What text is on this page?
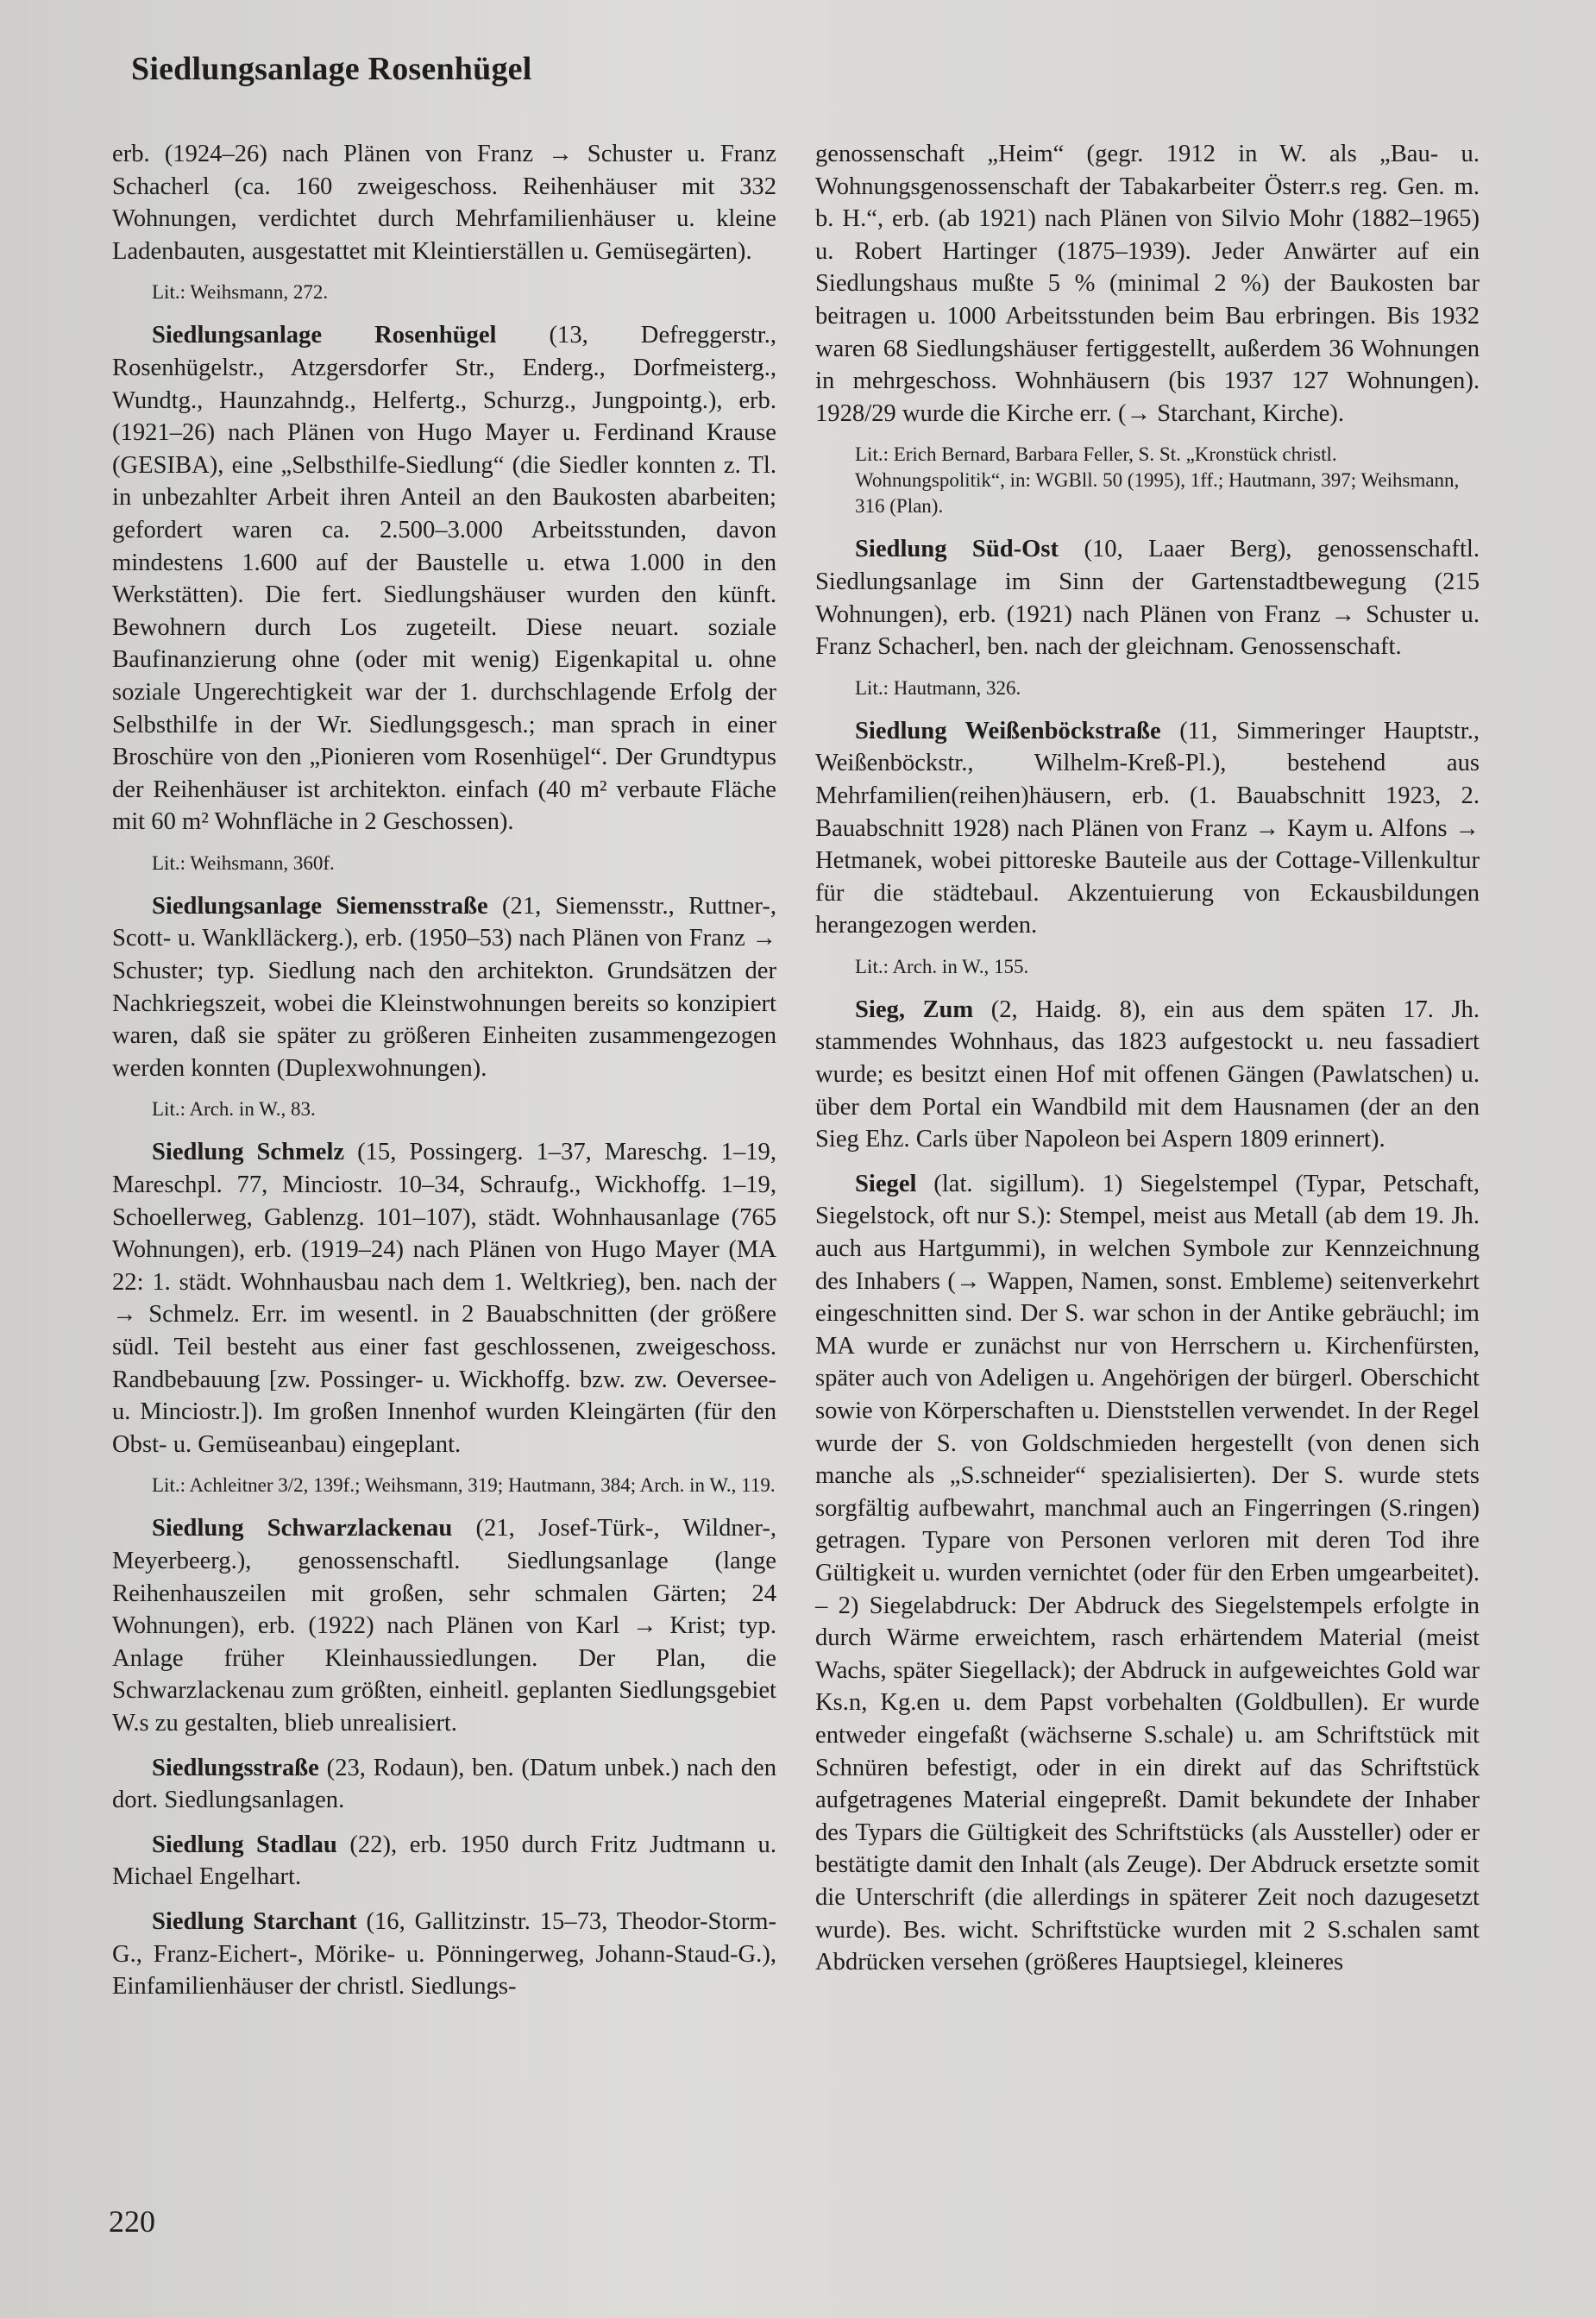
Siedlungsanlage Rosenhügel
erb. (1924–26) nach Plänen von Franz → Schuster u. Franz Schacherl (ca. 160 zweigeschoss. Reihenhäuser mit 332 Wohnungen, verdichtet durch Mehrfamilienhäuser u. kleine Ladenbauten, ausgestattet mit Kleintierställen u. Gemüsegärten).
Lit.: Weihsmann, 272.
Siedlungsanlage Rosenhügel (13, Defreggerstr., Rosenhügelstr., Atzgersdorfer Str., Enderg., Dorfmeisterg., Wundtg., Haunzahndg., Helfertg., Schurzg., Jungpointg.), erb. (1921–26) nach Plänen von Hugo Mayer u. Ferdinand Krause (GESIBA), eine „Selbsthilfe-Siedlung“ (die Siedler konnten z. Tl. in unbezahlter Arbeit ihren Anteil an den Baukosten abarbeiten; gefordert waren ca. 2.500–3.000 Arbeitsstunden, davon mindestens 1.600 auf der Baustelle u. etwa 1.000 in den Werkstätten). Die fert. Siedlungshäuser wurden den künft. Bewohnern durch Los zugeteilt. Diese neuart. soziale Baufinanzierung ohne (oder mit wenig) Eigenkapital u. ohne soziale Ungerechtigkeit war der 1. durchschlagende Erfolg der Selbsthilfe in der Wr. Siedlungsgesch.; man sprach in einer Broschüre von den „Pionieren vom Rosenhügel“. Der Grundtypus der Reihenhäuser ist architekton. einfach (40 m² verbaute Fläche mit 60 m² Wohnfläche in 2 Geschossen).
Lit.: Weihsmann, 360f.
Siedlungsanlage Siemensstraße (21, Siemensstr., Ruttner-, Scott- u. Wanklläckerg.), erb. (1950–53) nach Plänen von Franz → Schuster; typ. Siedlung nach den architekton. Grundsätzen der Nachkriegszeit, wobei die Kleinstwohnungen bereits so konzipiert waren, daß sie später zu größeren Einheiten zusammengezogen werden konnten (Duplexwohnungen).
Lit.: Arch. in W., 83.
Siedlung Schmelz (15, Possingerg. 1–37, Mareschg. 1–19, Mareschpl. 77, Minciostr. 10–34, Schraufg., Wickhoffg. 1–19, Schoellerweg, Gablenzg. 101–107), städt. Wohnhausanlage (765 Wohnungen), erb. (1919–24) nach Plänen von Hugo Mayer (MA 22: 1. städt. Wohnhausbau nach dem 1. Weltkrieg), ben. nach der → Schmelz. Err. im wesentl. in 2 Bauabschnitten (der größere südl. Teil besteht aus einer fast geschlossenen, zweigeschoss. Randbebauung [zw. Possinger- u. Wickhoffg. bzw. zw. Oeversee- u. Minciostr.]). Im großen Innenhof wurden Kleingärten (für den Obst- u. Gemüseanbau) eingeplant.
Lit.: Achleitner 3/2, 139f.; Weihsmann, 319; Hautmann, 384; Arch. in W., 119.
Siedlung Schwarzlackenau (21, Josef-Türk-, Wildner-, Meyerbeerg.), genossenschaftl. Siedlungsanlage (lange Reihenhauszeilen mit großen, sehr schmalen Gärten; 24 Wohnungen), erb. (1922) nach Plänen von Karl → Krist; typ. Anlage früher Kleinhaussiedlungen. Der Plan, die Schwarzlackenau zum größten, einheitl. geplanten Siedlungsgebiet W.s zu gestalten, blieb unrealisiert.
Siedlungsstraße (23, Rodaun), ben. (Datum unbek.) nach den dort. Siedlungsanlagen.
Siedlung Stadlau (22), erb. 1950 durch Fritz Judtmann u. Michael Engelhart.
Siedlung Starchant (16, Gallitzinstr. 15–73, Theodor-Storm-G., Franz-Eichert-, Mörike- u. Pönningerweg, Johann-Staud-G.), Einfamilienhäuser der christl. Siedlungs-
genossenschaft „Heim“ (gegr. 1912 in W. als „Bau- u. Wohnungsgenossenschaft der Tabakarbeiter Österr.s reg. Gen. m. b. H.“, erb. (ab 1921) nach Plänen von Silvio Mohr (1882–1965) u. Robert Hartinger (1875–1939). Jeder Anwärter auf ein Siedlungshaus mußte 5 % (minimal 2 %) der Baukosten bar beitragen u. 1000 Arbeitsstunden beim Bau erbringen. Bis 1932 waren 68 Siedlungshäuser fertiggestellt, außerdem 36 Wohnungen in mehrgeschoss. Wohnhäusern (bis 1937 127 Wohnungen). 1928/29 wurde die Kirche err. (→ Starchant, Kirche).
Lit.: Erich Bernard, Barbara Feller, S. St. „Kronstück christl. Wohnungspolitik“, in: WGBll. 50 (1995), 1ff.; Hautmann, 397; Weihsmann, 316 (Plan).
Siedlung Süd-Ost (10, Laaer Berg), genossenschaftl. Siedlungsanlage im Sinn der Gartenstadtbewegung (215 Wohnungen), erb. (1921) nach Plänen von Franz → Schuster u. Franz Schacherl, ben. nach der gleichnam. Genossenschaft.
Lit.: Hautmann, 326.
Siedlung Weißenböckstraße (11, Simmeringer Hauptstr., Weißenböckstr., Wilhelm-Kreß-Pl.), bestehend aus Mehrfamilien(reihen)häusern, erb. (1. Bauabschnitt 1923, 2. Bauabschnitt 1928) nach Plänen von Franz → Kaym u. Alfons → Hetmanek, wobei pittoreske Bauteile aus der Cottage-Villenkultur für die städtebaul. Akzentuierung von Eckausbildungen herangezogen werden.
Lit.: Arch. in W., 155.
Sieg, Zum (2, Haidg. 8), ein aus dem späten 17. Jh. stammendes Wohnhaus, das 1823 aufgestockt u. neu fassadiert wurde; es besitzt einen Hof mit offenen Gängen (Pawlatschen) u. über dem Portal ein Wandbild mit dem Hausnamen (der an den Sieg Ehz. Carls über Napoleon bei Aspern 1809 erinnert).
Siegel (lat. sigillum). 1) Siegelstempel (Typar, Petschaft, Siegelstock, oft nur S.): Stempel, meist aus Metall (ab dem 19. Jh. auch aus Hartgummi), in welchen Symbole zur Kennzeichnung des Inhabers (→ Wappen, Namen, sonst. Embleme) seitenverkehrt eingeschnitten sind. Der S. war schon in der Antike gebräuchl; im MA wurde er zunächst nur von Herrschern u. Kirchenfürsten, später auch von Adeligen u. Angehörigen der bürgerl. Oberschicht sowie von Körperschaften u. Dienststellen verwendet. In der Regel wurde der S. von Goldschmieden hergestellt (von denen sich manche als „S.schneider“ spezialisierten). Der S. wurde stets sorgfältig aufbewahrt, manchmal auch an Fingerringen (S.ringen) getragen. Typare von Personen verloren mit deren Tod ihre Gültigkeit u. wurden vernichtet (oder für den Erben umgearbeitet). – 2) Siegelabdruck: Der Abdruck des Siegelstempels erfolgte in durch Wärme erweichtem, rasch erhärtendem Material (meist Wachs, später Siegellack); der Abdruck in aufgeweichtes Gold war Ks.n, Kg.en u. dem Papst vorbehalten (Goldbullen). Er wurde entweder eingefaßt (wächserne S.schale) u. am Schriftstück mit Schnüren befestigt, oder in ein direkt auf das Schriftstück aufgetragenes Material eingepreßt. Damit bekundete der Inhaber des Typars die Gültigkeit des Schriftstücks (als Aussteller) oder er bestätigte damit den Inhalt (als Zeuge). Der Abdruck ersetzte somit die Unterschrift (die allerdings in späterer Zeit noch dazugesetzt wurde). Bes. wicht. Schriftstücke wurden mit 2 S.schalen samt Abdrücken versehen (größeres Hauptsiegel, kleineres
220
